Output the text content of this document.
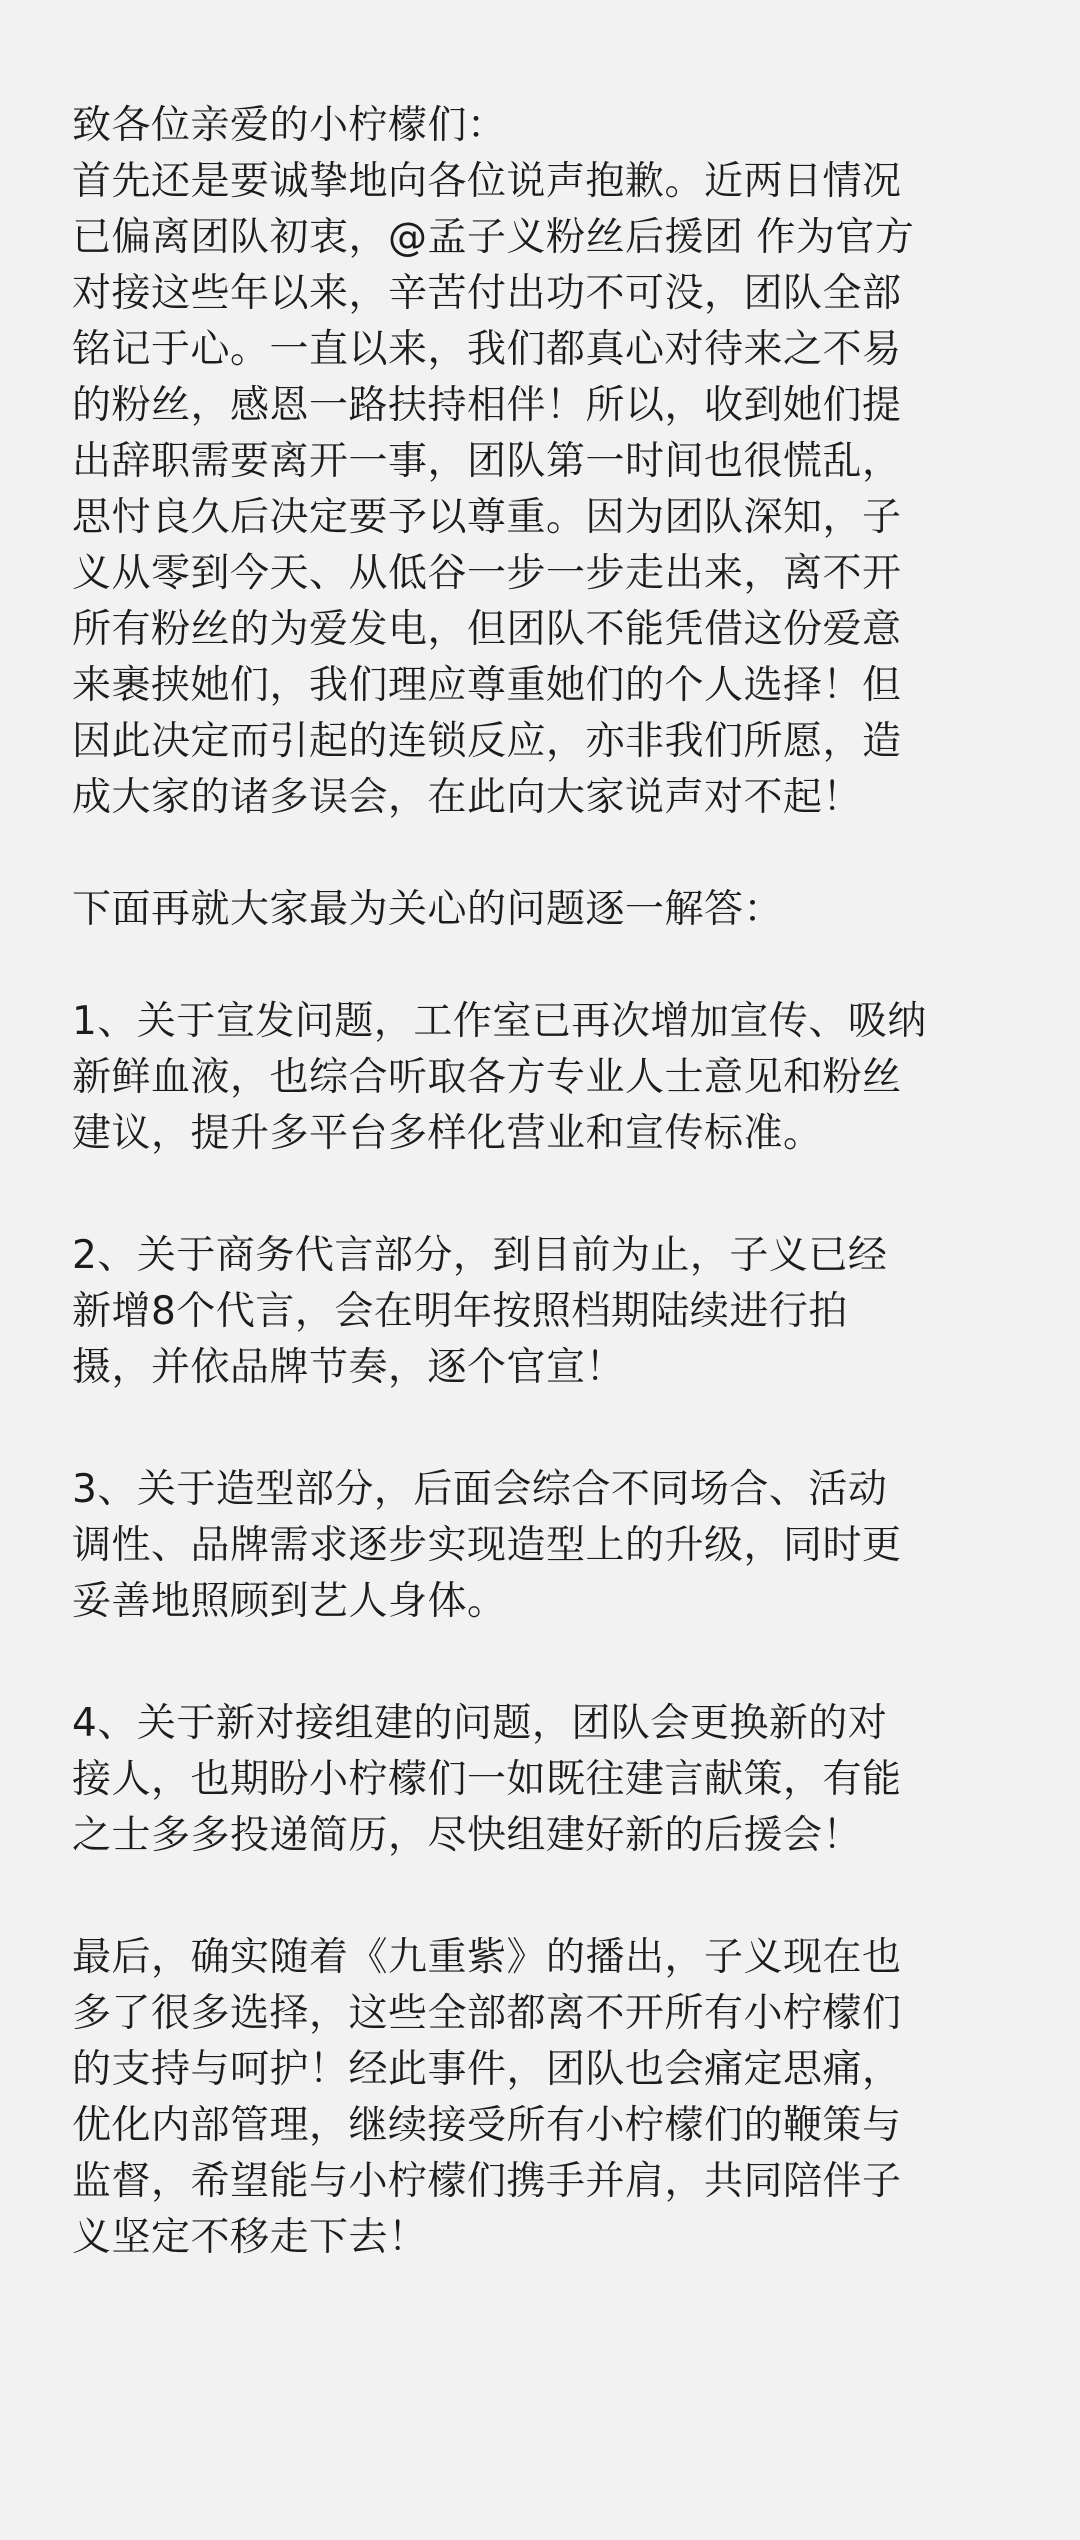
致各位亲爱的小柠檬们：
首先还是要诚挚地向各位说声抱歉。近两日情况
已偏离团队初衷，@孟子义粉丝后援团 作为官方
对接这些年以来，辛苦付出功不可没，团队全部
铭记于心。一直以来，我们都真心对待来之不易
的粉丝，感恩一路扶持相伴！所以，收到她们提
出辞职需要离开一事，团队第一时间也很慌乱，
思忖良久后决定要予以尊重。因为团队深知，子
义从零到今天、从低谷一步一步走出来，离不开
所有粉丝的为爱发电，但团队不能凭借这份爱意
来裹挟她们，我们理应尊重她们的个人选择！但
因此决定而引起的连锁反应，亦非我们所愿，造
成大家的诸多误会，在此向大家说声对不起！
下面再就大家最为关心的问题逐一解答：
1、关于宣发问题，工作室已再次增加宣传、吸纳
新鲜血液，也综合听取各方专业人士意见和粉丝
建议，提升多平台多样化营业和宣传标准。
2、关于商务代言部分，到目前为止，子义已经
新增8个代言，会在明年按照档期陆续进行拍
摄，并依品牌节奏，逐个官宣！
3、关于造型部分，后面会综合不同场合、活动
调性、品牌需求逐步实现造型上的升级，同时更
妥善地照顾到艺人身体。
4、关于新对接组建的问题，团队会更换新的对
接人，也期盼小柠檬们一如既往建言献策，有能
之士多多投递简历，尽快组建好新的后援会！
最后，确实随着《九重紫》的播出，子义现在也
多了很多选择，这些全部都离不开所有小柠檬们
的支持与呵护！经此事件，团队也会痛定思痛，
优化内部管理，继续接受所有小柠檬们的鞭策与
监督，希望能与小柠檬们携手并肩，共同陪伴子
义坚定不移走下去！
